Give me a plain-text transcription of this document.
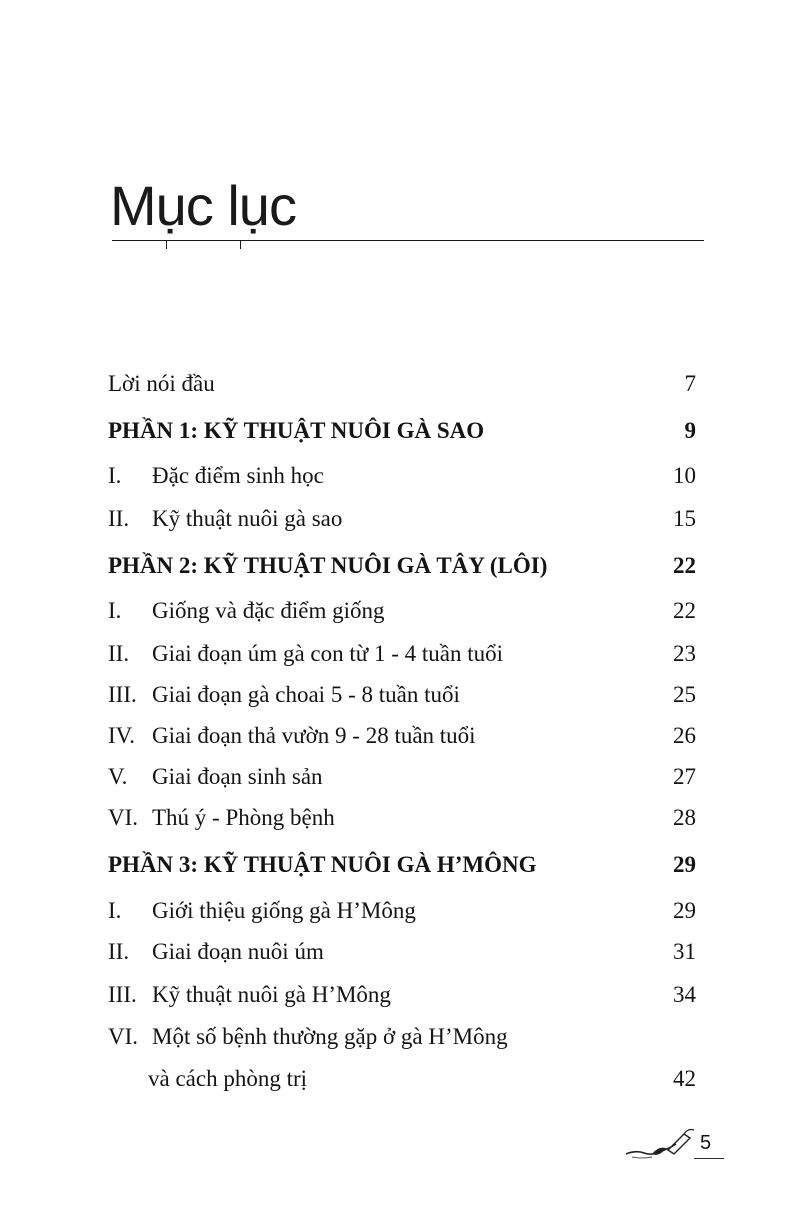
Mục lục
Lời nói đầu	7
PHẦN 1: KỸ THUẬT NUÔI GÀ SAO	9
I. Đặc điểm sinh học	10
II. Kỹ thuật nuôi gà sao	15
PHẦN 2: KỸ THUẬT NUÔI GÀ TÂY (LÔI)	22
I. Giống và đặc điểm giống	22
II. Giai đoạn úm gà con từ 1 - 4 tuần tuổi	23
III. Giai đoạn gà choai 5 - 8 tuần tuổi	25
IV. Giai đoạn thả vườn 9 - 28 tuần tuổi	26
V. Giai đoạn sinh sản	27
VI. Thú ý - Phòng bệnh	28
PHẦN 3: KỸ THUẬT NUÔI GÀ H’MÔNG	29
I. Giới thiệu giống gà H’Mông	29
II. Giai đoạn nuôi úm	31
III. Kỹ thuật nuôi gà H’Mông	34
VI. Một số bệnh thường gặp ở gà H’Mông
và cách phòng trị	42
5
